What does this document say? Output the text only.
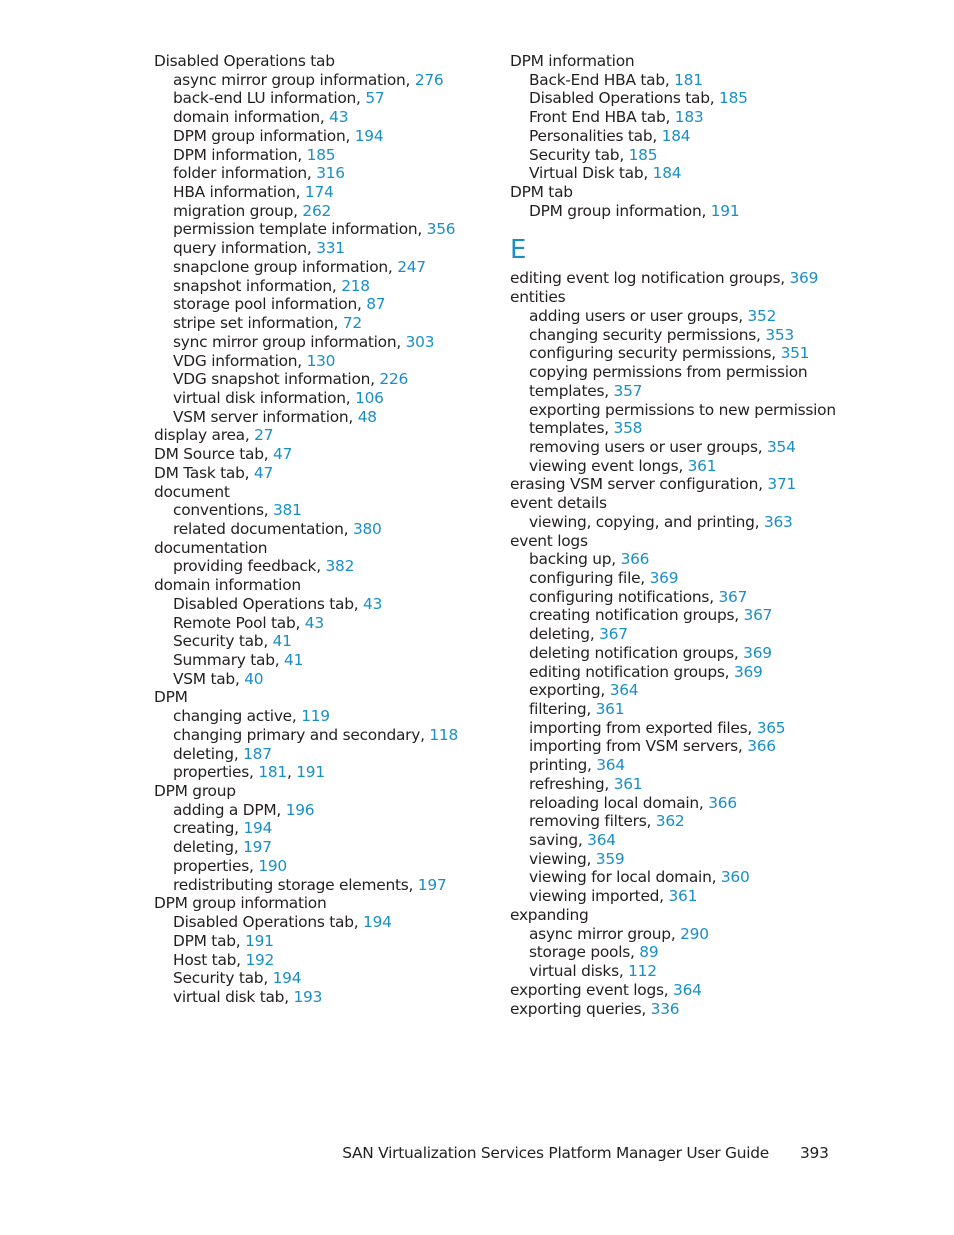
Disabled Operations tab
async mirror group information, 276
back-end LU information, 57
domain information, 43
DPM group information, 194
DPM information, 185
folder information, 316
HBA information, 174
migration group, 262
permission template information, 356
query information, 331
snapclone group information, 247
snapshot information, 218
storage pool information, 87
stripe set information, 72
sync mirror group information, 303
VDG information, 130
VDG snapshot information, 226
virtual disk information, 106
VSM server information, 48
display area, 27
DM Source tab, 47
DM Task tab, 47
document
conventions, 381
related documentation, 380
documentation
providing feedback, 382
domain information
Disabled Operations tab, 43
Remote Pool tab, 43
Security tab, 41
Summary tab, 41
VSM tab, 40
DPM
changing active, 119
changing primary and secondary, 118
deleting, 187
properties, 181, 191
DPM group
adding a DPM, 196
creating, 194
deleting, 197
properties, 190
redistributing storage elements, 197
DPM group information
Disabled Operations tab, 194
DPM tab, 191
Host tab, 192
Security tab, 194
virtual disk tab, 193
DPM information
Back-End HBA tab, 181
Disabled Operations tab, 185
Front End HBA tab, 183
Personalities tab, 184
Security tab, 185
Virtual Disk tab, 184
DPM tab
DPM group information, 191
E
editing event log notification groups, 369
entities
adding users or user groups, 352
changing security permissions, 353
configuring security permissions, 351
copying permissions from permission
templates, 357
exporting permissions to new permission
templates, 358
removing users or user groups, 354
viewing event longs, 361
erasing VSM server configuration, 371
event details
viewing, copying, and printing, 363
event logs
backing up, 366
configuring file, 369
configuring notifications, 367
creating notification groups, 367
deleting, 367
deleting notification groups, 369
editing notification groups, 369
exporting, 364
filtering, 361
importing from exported files, 365
importing from VSM servers, 366
printing, 364
refreshing, 361
reloading local domain, 366
removing filters, 362
saving, 364
viewing, 359
viewing for local domain, 360
viewing imported, 361
expanding
async mirror group, 290
storage pools, 89
virtual disks, 112
exporting event logs, 364
exporting queries, 336
SAN Virtualization Services Platform Manager User Guide 393
